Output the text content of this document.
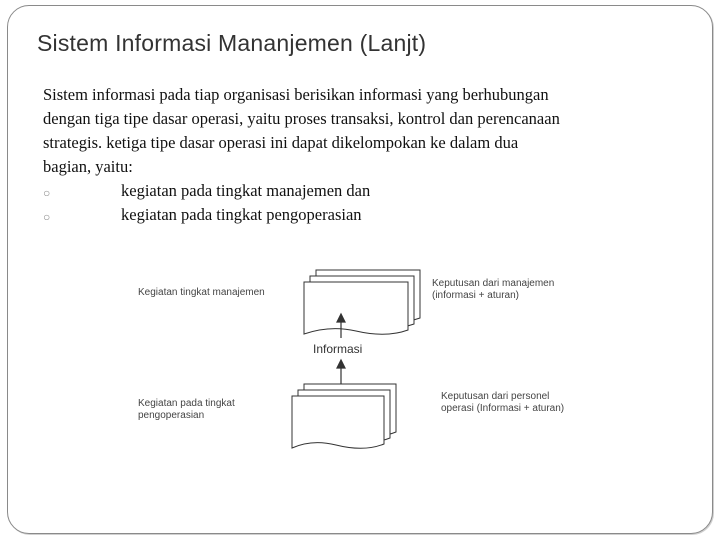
Sistem Informasi Mananjemen (Lanjt)

Sistem informasi pada tiap organisasi berisikan informasi yang berhubungan dengan tiga tipe dasar operasi, yaitu proses transaksi, kontrol dan perencanaan strategis. ketiga tipe dasar operasi ini dapat dikelompokan ke dalam dua bagian, yaitu:

○	kegiatan pada tingkat manajemen dan
○	kegiatan pada tingkat pengoperasian
Kegiatan tingkat manajemen
Keputusan dari manajemen
(informasi + aturan)
Informasi
Kegiatan pada tingkat
pengoperasian
Keputusan dari personel
operasi (Informasi + aturan)
